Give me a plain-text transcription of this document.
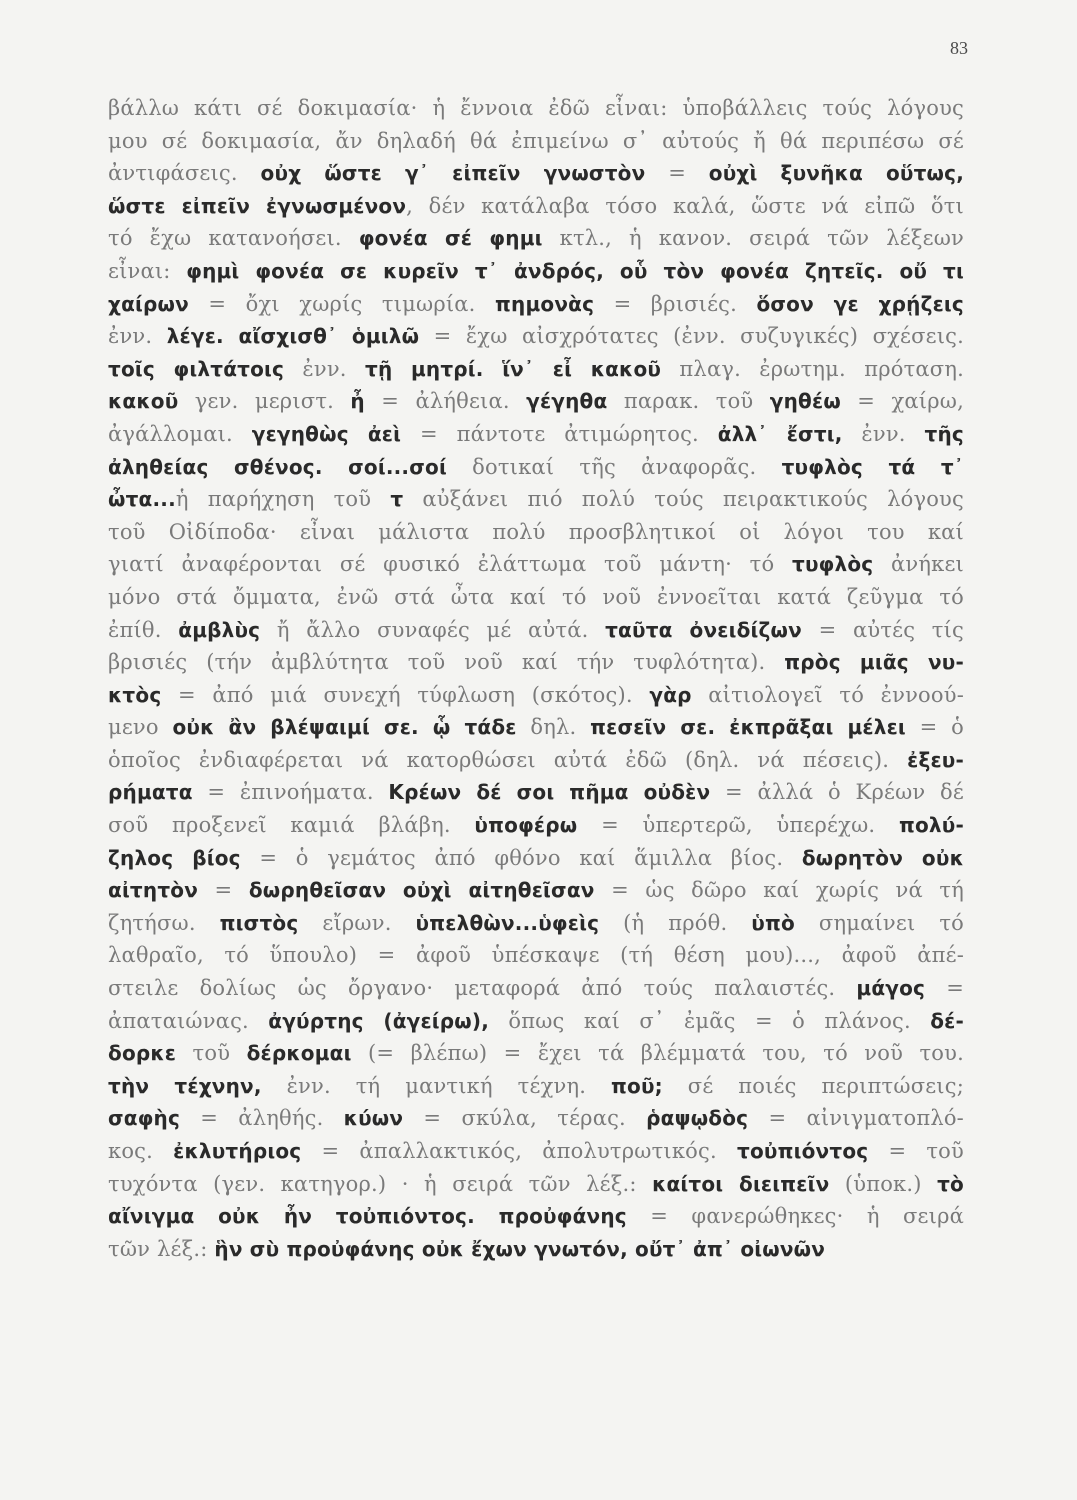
83
βάλλω κάτι σέ δοκιμασία· ἡ ἔννοια ἐδῶ εἶναι: ὑποβάλλεις τούς λόγους
μου σέ δοκιμασία, ἄν δηλαδή θά ἐπιμείνω σ᾽ αὐτούς ἤ θά περιπέσω σέ
ἀντιφάσεις. οὐχ ὥστε γ᾽ εἰπεῖν γνωστὸν = οὐχὶ ξυνῆκα οὕτως,
ὥστε εἰπεῖν ἐγνωσμένον, δέν κατάλαβα τόσο καλά, ὥστε νά εἰπῶ ὅτι
τό ἔχω κατανοήσει. φονέα σέ φημι κτλ., ἡ κανον. σειρά τῶν λέξεων
εἶναι: φημὶ φονέα σε κυρεῖν τ᾽ ἀνδρός, οὗ τὸν φονέα ζητεῖς. οὔ τι
χαίρων = ὄχι χωρίς τιμωρία. πημονὰς = βρισιές. ὅσον γε χρῄζεις
ἐνν. λέγε. αἴσχισθ᾽ ὁμιλῶ = ἔχω αἰσχρότατες (ἐνν. συζυγικές) σχέσεις.
τοῖς φιλτάτοις ἐνν. τῇ μητρί. ἵν᾽ εἶ κακοῦ πλαγ. ἐρωτημ. πρόταση.
κακοῦ γεν. μεριστ. ἦ = ἀλήθεια. γέγηθα παρακ. τοῦ γηθέω = χαίρω,
ἀγάλλομαι. γεγηθὼς ἀεὶ = πάντοτε ἀτιμώρητος. ἀλλ᾽ ἔστι, ἐνν. τῆς
ἀληθείας σθένος. σοί...σοί δοτικαί τῆς ἀναφορᾶς. τυφλὸς τά τ᾽
ὦτα...ἡ παρήχηση τοῦ τ αὐξάνει πιό πολύ τούς πειρακτικούς λόγους
τοῦ Οἰδίποδα· εἶναι μάλιστα πολύ προσβλητικοί οἱ λόγοι του καί
γιατί ἀναφέρονται σέ φυσικό ἐλάττωμα τοῦ μάντη· τό τυφλὸς ἀνήκει
μόνο στά ὄμματα, ἐνῶ στά ὦτα καί τό νοῦ ἐννοεῖται κατά ζεῦγμα τό
ἐπίθ. ἀμβλὺς ἤ ἄλλο συναφές μέ αὐτά. ταῦτα ὀνειδίζων = αὐτές τίς
βρισιές (τήν ἀμβλύτητα τοῦ νοῦ καί τήν τυφλότητα). πρὸς μιᾶς νυ-
κτὸς = ἀπό μιά συνεχή τύφλωση (σκότος). γὰρ αἰτιολογεῖ τό ἐννοού-
μενο οὐκ ἂν βλέψαιμί σε. ᾧ τάδε δηλ. πεσεῖν σε. ἐκπρᾶξαι μέλει = ὁ
ὁποῖος ἐνδιαφέρεται νά κατορθώσει αὐτά ἐδῶ (δηλ. νά πέσεις). ἐξευ-
ρήματα = ἐπινοήματα. Κρέων δέ σοι πῆμα οὐδὲν = ἀλλά ὁ Κρέων δέ
σοῦ προξενεῖ καμιά βλάβη. ὑποφέρω = ὑπερτερῶ, ὑπερέχω. πολύ-
ζηλος βίος = ὁ γεμάτος ἀπό φθόνο καί ἅμιλλα βίος. δωρητὸν οὐκ
αἰτητὸν = δωρηθεῖσαν οὐχὶ αἰτηθεῖσαν = ὡς δῶρο καί χωρίς νά τή
ζητήσω. πιστὸς εἴρων. ὑπελθὼν...ὑφεὶς (ἡ πρόθ. ὑπὸ σημαίνει τό
λαθραῖο, τό ὕπουλο) = ἀφοῦ ὑπέσκαψε (τή θέση μου)..., ἀφοῦ ἀπέ-
στειλε δολίως ὡς ὄργανο· μεταφορά ἀπό τούς παλαιστές. μάγος =
ἀπαταιώνας. ἀγύρτης (ἀγείρω), ὅπως καί σ᾽ ἐμᾶς = ὁ πλάνος. δέ-
δορκε τοῦ δέρκομαι (= βλέπω) = ἔχει τά βλέμματά του, τό νοῦ του.
τὴν τέχνην, ἐνν. τή μαντική τέχνη. ποῦ; σέ ποιές περιπτώσεις;
σαφὴς = ἀληθής. κύων = σκύλα, τέρας. ῥαψῳδὸς = αἰνιγματοπλό-
κος. ἐκλυτήριος = ἀπαλλακτικός, ἀπολυτρωτικός. τοὐπιόντος = τοῦ
τυχόντα (γεν. κατηγορ.) · ἡ σειρά τῶν λέξ.: καίτοι διειπεῖν (ὑποκ.) τὸ
αἴνιγμα οὐκ ἦν τοὐπιόντος. προὐφάνης = φανερώθηκες· ἡ σειρά
τῶν λέξ.: ἣν σὺ προὐφάνης οὐκ ἔχων γνωτόν, οὔτ᾽ ἀπ᾽ οἰωνῶν
